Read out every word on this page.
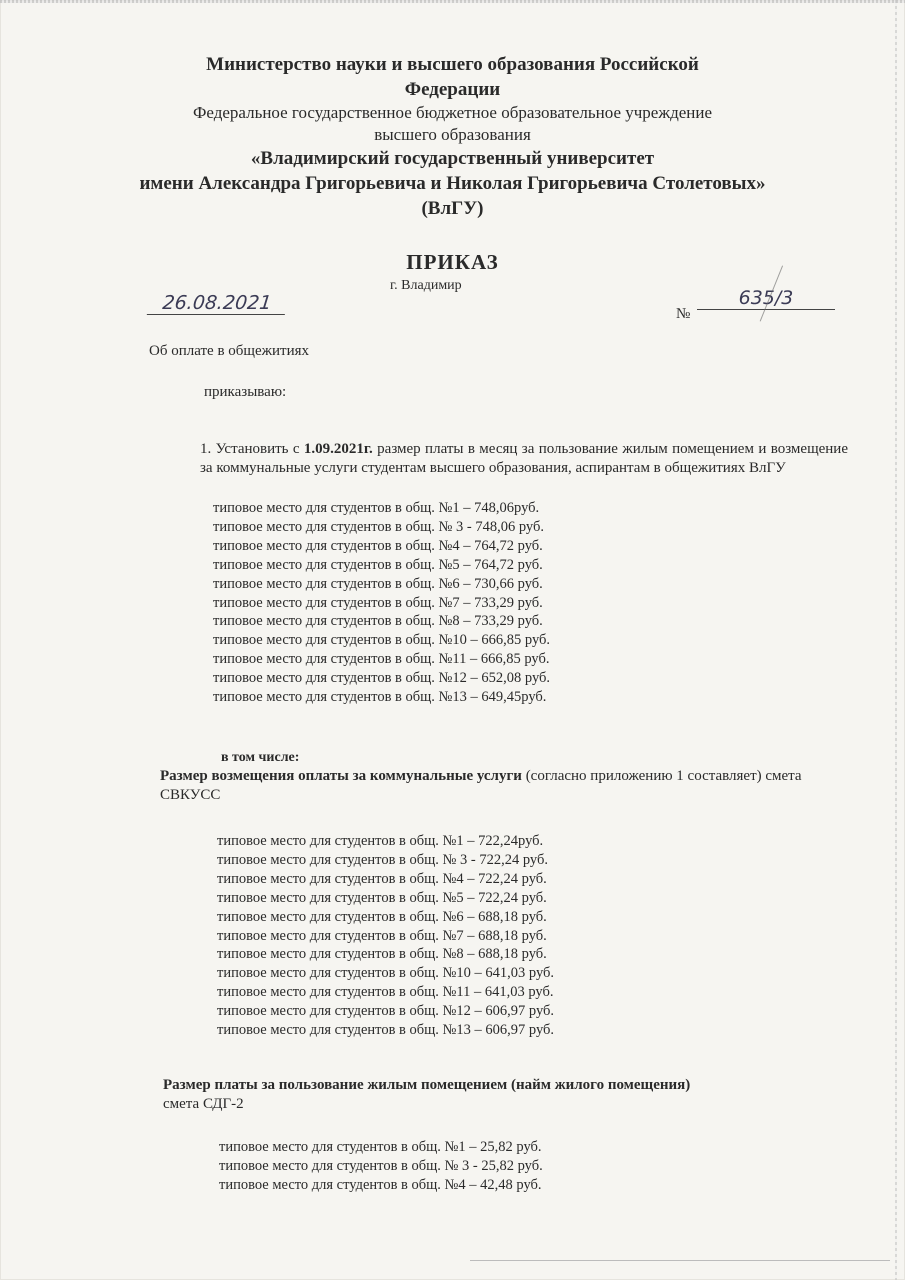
Министерство науки и высшего образования Российской
Федерации
Федеральное государственное бюджетное образовательное учреждение
высшего образования
«Владимирский государственный университет
имени Александра Григорьевича и Николая Григорьевича Столетовых»
(ВлГУ)
ПРИКАЗ
г. Владимир
26.08.2021	№
635/3
Об оплате в общежитиях
приказываю:
1. Установить с 1.09.2021г. размер платы в месяц за пользование жилым помещением и возмещение за коммунальные услуги студентам высшего образования, аспирантам в общежитиях ВлГУ
типовое место для студентов в общ. №1 – 748,06руб.
типовое место для студентов в общ. № 3 - 748,06 руб.
типовое место для студентов в общ. №4 – 764,72 руб.
типовое место для студентов в общ. №5 – 764,72 руб.
типовое место для студентов в общ. №6 – 730,66 руб.
типовое место для студентов в общ. №7 – 733,29 руб.
типовое место для студентов в общ. №8 – 733,29 руб.
типовое место для студентов в общ. №10 – 666,85 руб.
типовое место для студентов в общ. №11 – 666,85 руб.
типовое место для студентов в общ. №12 – 652,08 руб.
типовое место для студентов в общ. №13 – 649,45руб.
в том числе:
Размер возмещения оплаты за коммунальные услуги (согласно приложению 1 составляет) смета СВКУСС
типовое место для студентов в общ. №1 – 722,24руб.
типовое место для студентов в общ. № 3 - 722,24 руб.
типовое место для студентов в общ. №4 – 722,24 руб.
типовое место для студентов в общ. №5 – 722,24 руб.
типовое место для студентов в общ. №6 – 688,18 руб.
типовое место для студентов в общ. №7 – 688,18 руб.
типовое место для студентов в общ. №8 – 688,18 руб.
типовое место для студентов в общ. №10 – 641,03 руб.
типовое место для студентов в общ. №11 – 641,03 руб.
типовое место для студентов в общ. №12 – 606,97 руб.
типовое место для студентов в общ. №13 – 606,97 руб.
Размер платы за пользование жилым помещением (найм жилого помещения)
смета СДГ-2
типовое место для студентов в общ. №1 – 25,82 руб.
типовое место для студентов в общ. № 3 - 25,82 руб.
типовое место для студентов в общ. №4 – 42,48 руб.
